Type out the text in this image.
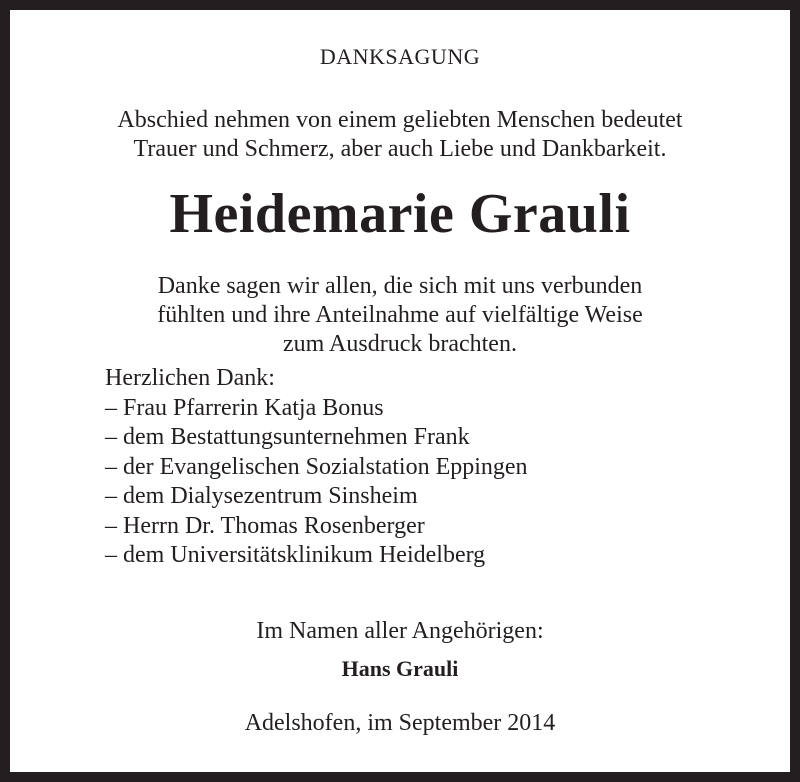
DANKSAGUNG
Abschied nehmen von einem geliebten Menschen bedeutet
Trauer und Schmerz, aber auch Liebe und Dankbarkeit.
Heidemarie Grauli
Danke sagen wir allen, die sich mit uns verbunden
fühlten und ihre Anteilnahme auf vielfältige Weise
zum Ausdruck brachten.
Herzlichen Dank:
– Frau Pfarrerin Katja Bonus
– dem Bestattungsunternehmen Frank
– der Evangelischen Sozialstation Eppingen
– dem Dialysezentrum Sinsheim
– Herrn Dr. Thomas Rosenberger
– dem Universitätsklinikum Heidelberg
Im Namen aller Angehörigen:
Hans Grauli
Adelshofen, im September 2014
